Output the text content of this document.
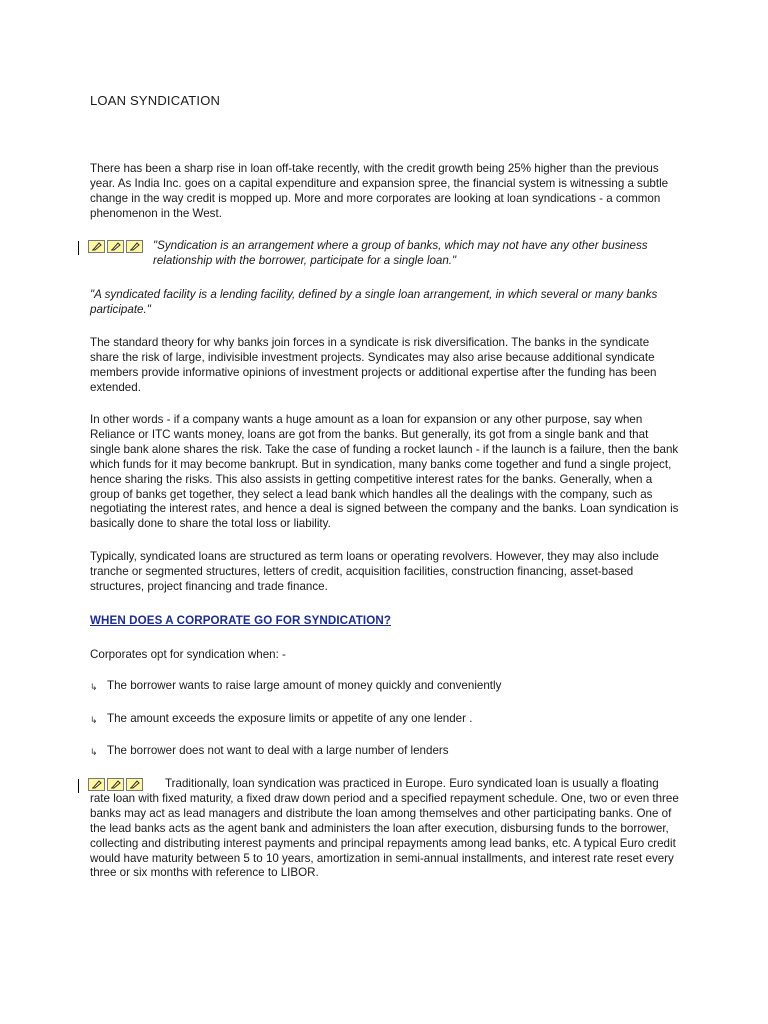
LOAN SYNDICATION

There has been a sharp rise in loan off-take recently, with the credit growth being 25% higher than the previous year. As India Inc. goes on a capital expenditure and expansion spree, the financial system is witnessing a subtle change in the way credit is mopped up. More and more corporates are looking at loan syndications - a common phenomenon in the West.

"Syndication is an arrangement where a group of banks, which may not have any other business relationship with the borrower, participate for a single loan."

"A syndicated facility is a lending facility, defined by a single loan arrangement, in which several or many banks participate."

The standard theory for why banks join forces in a syndicate is risk diversification. The banks in the syndicate share the risk of large, indivisible investment projects. Syndicates may also arise because additional syndicate members provide informative opinions of investment projects or additional expertise after the funding has been extended.

In other words - if a company wants a huge amount as a loan for expansion or any other purpose, say when Reliance or ITC wants money, loans are got from the banks. But generally, its got from a single bank and that single bank alone shares the risk. Take the case of funding a rocket launch - if the launch is a failure, then the bank which funds for it may become bankrupt. But in syndication, many banks come together and fund a single project, hence sharing the risks. This also assists in getting competitive interest rates for the banks. Generally, when a group of banks get together, they select a lead bank which handles all the dealings with the company, such as negotiating the interest rates, and hence a deal is signed between the company and the banks. Loan syndication is basically done to share the total loss or liability.

Typically, syndicated loans are structured as term loans or operating revolvers. However, they may also include tranche or segmented structures, letters of credit, acquisition facilities, construction financing, asset-based structures, project financing and trade finance.

WHEN DOES A CORPORATE GO FOR SYNDICATION?

Corporates opt for syndication when: -

↳ The borrower wants to raise large amount of money quickly and conveniently

↳ The amount exceeds the exposure limits or appetite of any one lender .

↳ The borrower does not want to deal with a large number of lenders

Traditionally, loan syndication was practiced in Europe. Euro syndicated loan is usually a floating rate loan with fixed maturity, a fixed draw down period and a specified repayment schedule. One, two or even three banks may act as lead managers and distribute the loan among themselves and other participating banks. One of the lead banks acts as the agent bank and administers the loan after execution, disbursing funds to the borrower, collecting and distributing interest payments and principal repayments among lead banks, etc. A typical Euro credit would have maturity between 5 to 10 years, amortization in semi-annual installments, and interest rate reset every three or six months with reference to LIBOR.
